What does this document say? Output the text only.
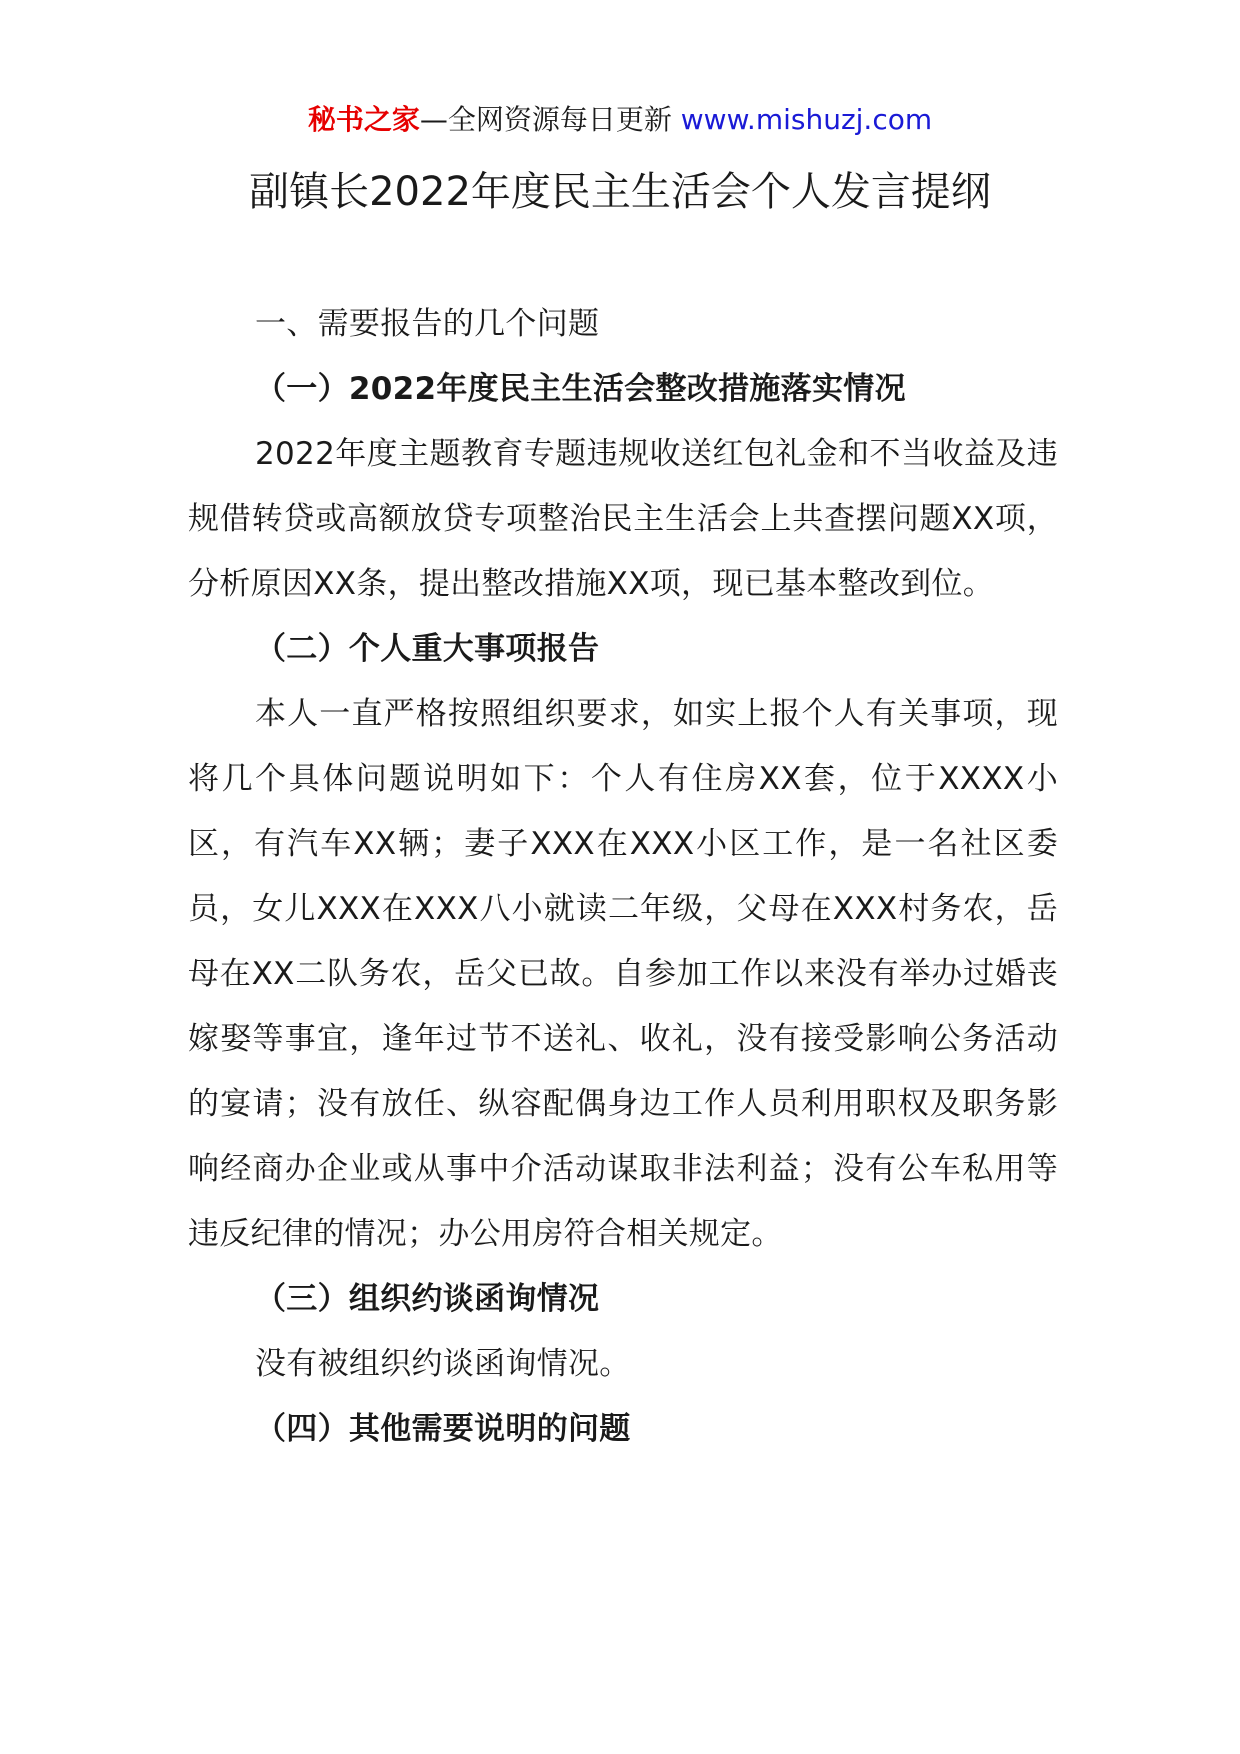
秘书之家—全网资源每日更新 www.mishuzj.com
副镇长2022年度民主生活会个人发言提纲

一、需要报告的几个问题

（一）2022年度民主生活会整改措施落实情况

2022年度主题教育专题违规收送红包礼金和不当收益及违规借转贷或高额放贷专项整治民主生活会上共查摆问题XX项，分析原因XX条，提出整改措施XX项，现已基本整改到位。

（二）个人重大事项报告

本人一直严格按照组织要求，如实上报个人有关事项，现将几个具体问题说明如下：个人有住房XX套，位于XXXX小区，有汽车XX辆；妻子XXX在XXX小区工作，是一名社区委员，女儿XXX在XXX八小就读二年级，父母在XXX村务农，岳母在XX二队务农，岳父已故。自参加工作以来没有举办过婚丧嫁娶等事宜，逢年过节不送礼、收礼，没有接受影响公务活动的宴请；没有放任、纵容配偶身边工作人员利用职权及职务影响经商办企业或从事中介活动谋取非法利益；没有公车私用等违反纪律的情况；办公用房符合相关规定。

（三）组织约谈函询情况

没有被组织约谈函询情况。

（四）其他需要说明的问题
